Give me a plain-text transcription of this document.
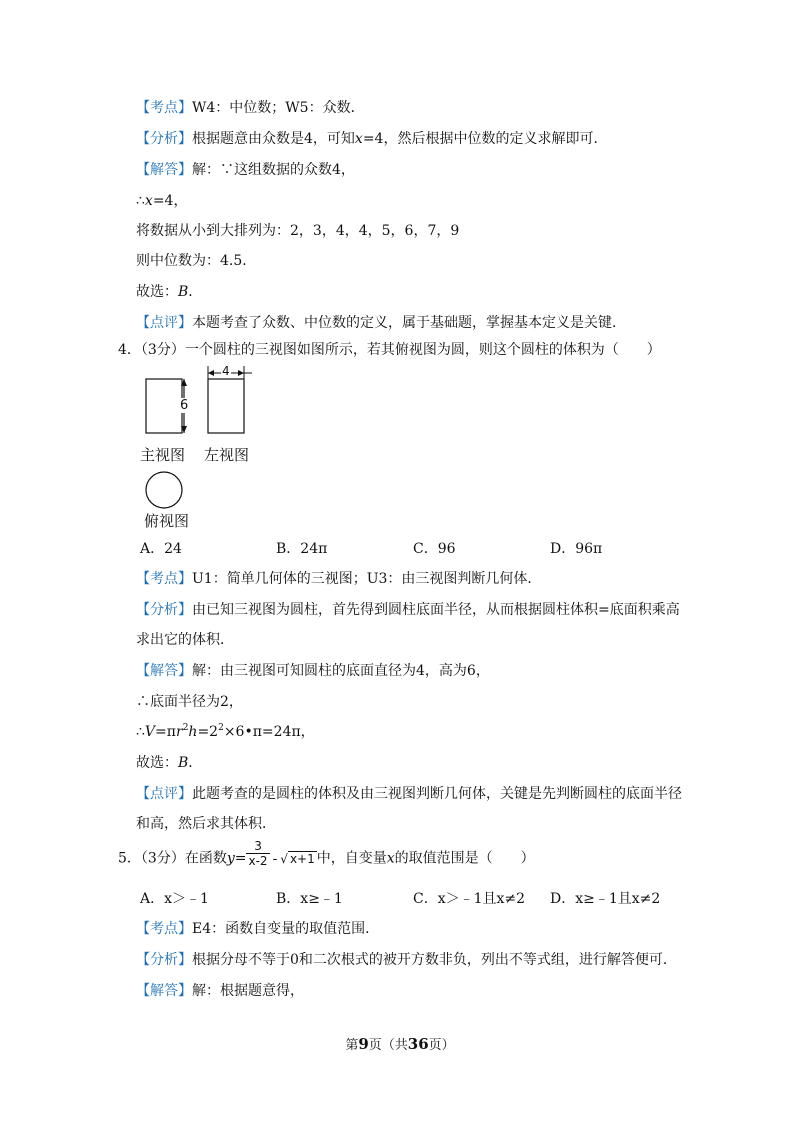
【考点】W4：中位数；W5：众数．
【分析】根据题意由众数是4，可知x=4，然后根据中位数的定义求解即可．
【解答】解：∵这组数据的众数4，
∴x=4，
将数据从小到大排列为：2，3，4，4，5，6，7，9
则中位数为：4.5．
故选：B．
【点评】本题考查了众数、中位数的定义，属于基础题，掌握基本定义是关键．
4．（3分）一个圆柱的三视图如图所示，若其俯视图为圆，则这个圆柱的体积为（　　）
6
4
主视图 左视图
俯视图
A．24	B．24π	C．96	D．96π
【考点】U1：简单几何体的三视图；U3：由三视图判断几何体．
【分析】由已知三视图为圆柱，首先得到圆柱底面半径，从而根据圆柱体积=底面积乘高
求出它的体积．
【解答】解：由三视图可知圆柱的底面直径为4，高为6，
∴底面半径为2，
$\therefore V=\pi r^2h=2^2\times 6•\pi=24\pi$，
故选：B．
【点评】此题考查的是圆柱的体积及由三视图判断几何体，关键是先判断圆柱的底面半径
和高，然后求其体积．
5．（3分）在函数$y= \frac{3}{x-2}$ - √ x+1 中，自变量x的取值范围是（　　）
A．x＞﹣1	B．x≥﹣1	C．x＞﹣1且x≠2 D．x≥﹣1且x≠2
【考点】E4：函数自变量的取值范围．
【分析】根据分母不等于0和二次根式的被开方数非负，列出不等式组，进行解答便可．
【解答】解：根据题意得，
第9页（共36页）
